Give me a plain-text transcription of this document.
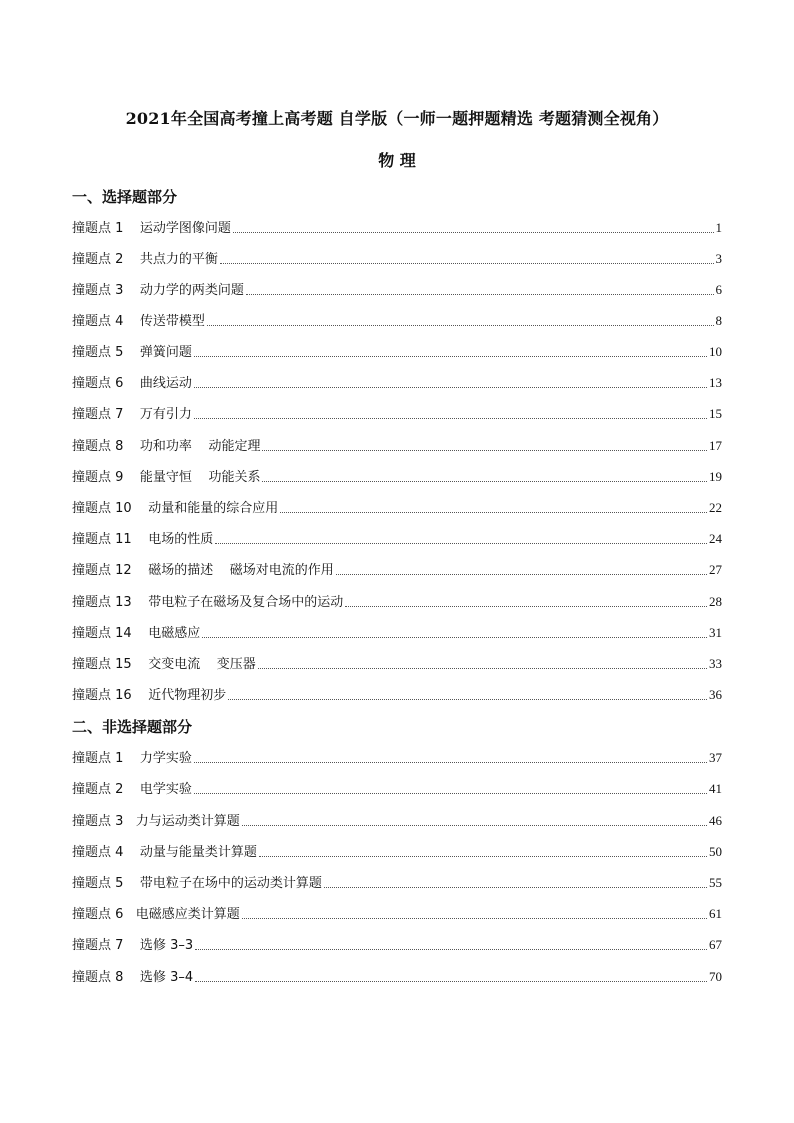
2021年全国高考撞上高考题 自学版（一师一题押题精选 考题猜测全视角）
物 理
一、选择题部分
撞题点 1    运动学图像问题	1
撞题点 2    共点力的平衡	3
撞题点 3    动力学的两类问题	6
撞题点 4    传送带模型	8
撞题点 5    弹簧问题	10
撞题点 6    曲线运动	13
撞题点 7    万有引力	15
撞题点 8    功和功率    动能定理	17
撞题点 9    能量守恒    功能关系	19
撞题点 10    动量和能量的综合应用	22
撞题点 11    电场的性质	24
撞题点 12    磁场的描述    磁场对电流的作用	27
撞题点 13    带电粒子在磁场及复合场中的运动	28
撞题点 14    电磁感应	31
撞题点 15    交变电流    变压器	33
撞题点 16    近代物理初步	36
二、非选择题部分
撞题点 1    力学实验	37
撞题点 2    电学实验	41
撞题点 3   力与运动类计算题	46
撞题点 4    动量与能量类计算题	50
撞题点 5    带电粒子在场中的运动类计算题	55
撞题点 6   电磁感应类计算题	61
撞题点 7    选修 3–3	67
撞题点 8    选修 3–4	70
